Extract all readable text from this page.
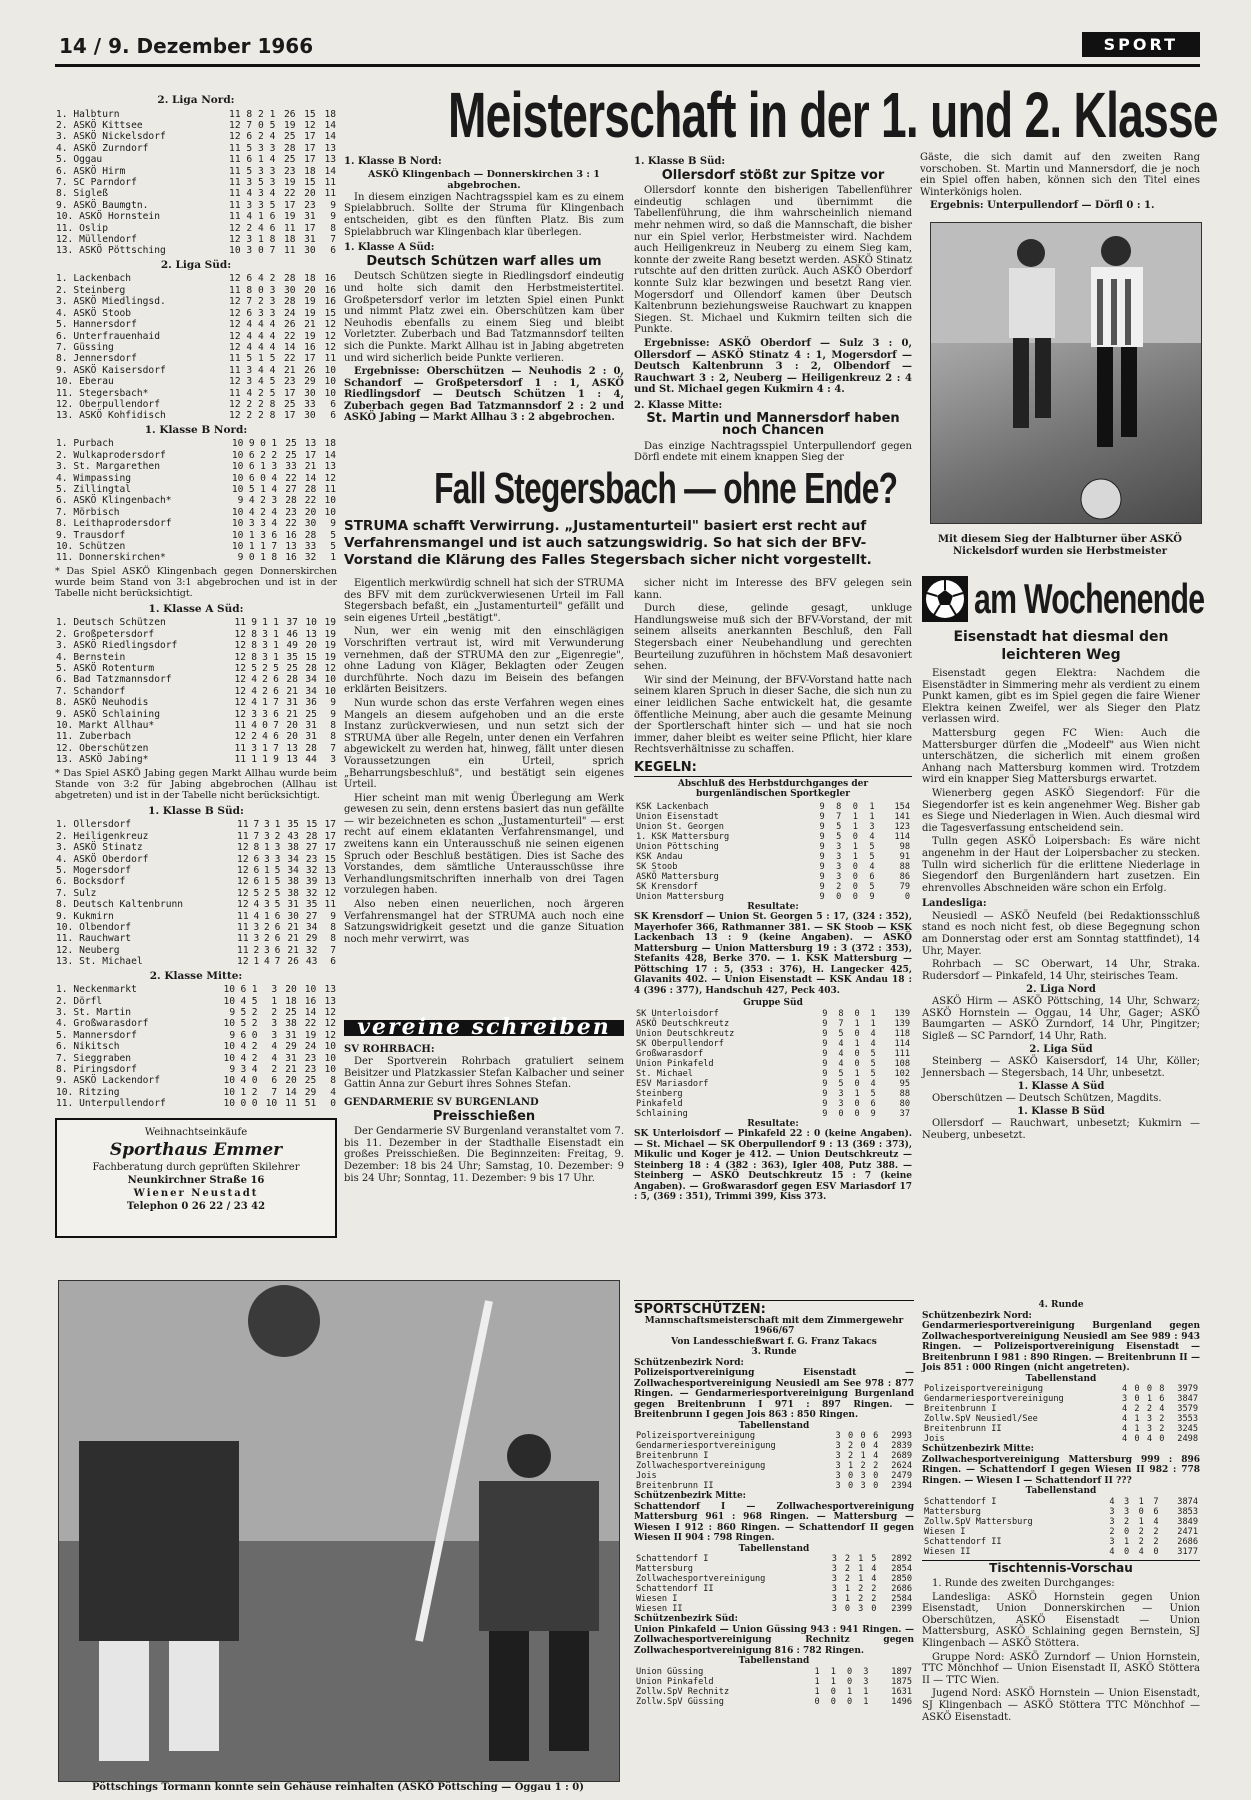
14 / 9. Dezember 1966	SPORT
2. Liga Nord:
1. Halbturn	11	8	2	1	26	15	18
2. ASKÖ Kittsee	12	7	0	5	19	12	14
3. ASKÖ Nickelsdorf	12	6	2	4	25	17	14
4. ASKÖ Zurndorf	11	5	3	3	28	17	13
5. Oggau	11	6	1	4	25	17	13
6. ASKÖ Hirm	11	5	3	3	23	18	14
7. SC Parndorf	11	3	5	3	19	15	11
8. Sigleß	11	4	3	4	22	20	11
9. ASKÖ Baumgtn.	11	3	3	5	17	23	9
10. ASKÖ Hornstein	11	4	1	6	19	31	9
11. Oslip	12	2	4	6	11	17	8
12. Müllendorf	12	3	1	8	18	31	7
13. ASKÖ Pöttsching	10	3	0	7	11	30	6
2. Liga Süd:
1. Lackenbach	12	6	4	2	28	18	16
2. Steinberg	11	8	0	3	30	20	16
3. ASKÖ Miedlingsd.	12	7	2	3	28	19	16
4. ASKÖ Stoob	12	6	3	3	24	19	15
5. Hannersdorf	12	4	4	4	26	21	12
6. Unterfrauenhaid	12	4	4	4	22	19	12
7. Güssing	12	4	4	4	14	16	12
8. Jennersdorf	11	5	1	5	22	17	11
9. ASKÖ Kaisersdorf	11	3	4	4	21	26	10
10. Eberau	12	3	4	5	23	29	10
11. Stegersbach*	11	4	2	5	17	30	10
12. Oberpullendorf	12	2	2	8	25	33	6
13. ASKÖ Kohfidisch	12	2	2	8	17	30	6
1. Klasse B Nord:
1. Purbach	10	9	0	1	25	13	18
2. Wulkaprodersdorf	10	6	2	2	25	17	14
3. St. Margarethen	10	6	1	3	33	21	13
4. Wimpassing	10	6	0	4	22	14	12
5. Zillingtal	10	5	1	4	27	28	11
6. ASKÖ Klingenbach*	9	4	2	3	28	22	10
7. Mörbisch	10	4	2	4	23	20	10
8. Leithaprodersdorf	10	3	3	4	22	30	9
9. Trausdorf	10	1	3	6	16	28	5
10. Schützen	10	1	1	7	13	33	5
11. Donnerskirchen*	9	0	1	8	16	32	1
* Das Spiel ASKÖ Klingenbach gegen Donnerskirchen wurde beim Stand von 3:1 abgebrochen und ist in der Tabelle nicht berücksichtigt.
1. Klasse A Süd:
1. Deutsch Schützen	11	9	1	1	37	10	19
2. Großpetersdorf	12	8	3	1	46	13	19
3. ASKÖ Riedlingsdorf	12	8	3	1	49	20	19
4. Bernstein	12	8	3	1	35	15	19
5. ASKÖ Rotenturm	12	5	2	5	25	28	12
6. Bad Tatzmannsdorf	12	4	2	6	28	34	10
7. Schandorf	12	4	2	6	21	34	10
8. ASKÖ Neuhodis	12	4	1	7	31	36	9
9. ASKÖ Schlaining	12	3	3	6	21	25	9
10. Markt Allhau*	11	4	0	7	20	31	8
11. Zuberbach	12	2	4	6	20	31	8
12. Oberschützen	11	3	1	7	13	28	7
13. ASKÖ Jabing*	11	1	1	9	13	44	3
* Das Spiel ASKÖ Jabing gegen Markt Allhau wurde beim Stande von 3:2 für Jabing abgebrochen (Allhau ist abgetreten) und ist in der Tabelle nicht berücksichtigt.
1. Klasse B Süd:
1. Ollersdorf	11	7	3	1	35	15	17
2. Heiligenkreuz	11	7	3	2	43	28	17
3. ASKÖ Stinatz	12	8	1	3	38	27	17
4. ASKÖ Oberdorf	12	6	3	3	34	23	15
5. Mogersdorf	12	6	1	5	34	32	13
6. Bocksdorf	12	6	1	5	38	39	13
7. Sulz	12	5	2	5	38	32	12
8. Deutsch Kaltenbrunn	12	4	3	5	31	35	11
9. Kukmirn	11	4	1	6	30	27	9
10. Olbendorf	11	3	2	6	21	34	8
11. Rauchwart	11	3	2	6	21	29	8
12. Neuberg	11	2	3	6	21	32	7
13. St. Michael	12	1	4	7	26	43	6
2. Klasse Mitte:
1. Neckenmarkt	10	6	1	3	20	10	13
2. Dörfl	10	4	5	1	18	16	13
3. St. Martin	9	5	2	2	25	14	12
4. Großwarasdorf	10	5	2	3	38	22	12
5. Mannersdorf	9	6	0	3	31	19	12
6. Nikitsch	10	4	2	4	29	24	10
7. Sieggraben	10	4	2	4	31	23	10
8. Piringsdorf	9	3	4	2	21	23	10
9. ASKÖ Lackendorf	10	4	0	6	20	25	8
10. Ritzing	10	1	2	7	14	29	4
11. Unterpullendorf	10	0	0	10	11	51	0
Weihnachtseinkäufe
Sporthaus Emmer
Fachberatung durch geprüften Skilehrer
Neunkirchner Straße 16
Wiener Neustadt
Telephon 0 26 22 / 23 42
Meisterschaft in der 1. und 2. Klasse
1. Klasse B Nord:
ASKÖ Klingenbach — Donnerskirchen 3 : 1 abgebrochen.

In diesem einzigen Nachtragsspiel kam es zu einem Spielabbruch. Sollte der Struma für Klingenbach entscheiden, gibt es den fünften Platz. Bis zum Spielabbruch war Klingenbach klar überlegen.

1. Klasse A Süd:
Deutsch Schützen warf alles um

Deutsch Schützen siegte in Riedlingsdorf eindeutig und holte sich damit den Herbstmeistertitel. Großpetersdorf verlor im letzten Spiel einen Punkt und nimmt Platz zwei ein. Oberschützen kam über Neuhodis ebenfalls zu einem Sieg und bleibt Vorletzter. Zuberbach und Bad Tatzmannsdorf teilten sich die Punkte. Markt Allhau ist in Jabing abgetreten und wird sicherlich beide Punkte verlieren.

Ergebnisse: Oberschützen — Neuhodis 2 : 0, Schandorf — Großpetersdorf 1 : 1, ASKÖ Riedlingsdorf — Deutsch Schützen 1 : 4, Zuberbach gegen Bad Tatzmannsdorf 2 : 2 und ASKÖ Jabing — Markt Allhau 3 : 2 abgebrochen.

1. Klasse B Süd:
Ollersdorf stößt zur Spitze vor

Ollersdorf konnte den bisherigen Tabellenführer eindeutig schlagen und übernimmt die Tabellenführung, die ihm wahrscheinlich niemand mehr nehmen wird, so daß die Mannschaft, die bisher nur ein Spiel verlor, Herbstmeister wird. Nachdem auch Heiligenkreuz in Neuberg zu einem Sieg kam, konnte der zweite Rang besetzt werden. ASKÖ Stinatz rutschte auf den dritten zurück. Auch ASKÖ Oberdorf konnte Sulz klar bezwingen und besetzt Rang vier. Mogersdorf und Ollendorf kamen über Deutsch Kaltenbrunn beziehungsweise Rauchwart zu knappen Siegen. St. Michael und Kukmirn teilten sich die Punkte.

Ergebnisse: ASKÖ Oberdorf — Sulz 3 : 0, Ollersdorf — ASKÖ Stinatz 4 : 1, Mogersdorf — Deutsch Kaltenbrunn 3 : 2, Olbendorf — Rauchwart 3 : 2, Neuberg — Heiligenkreuz 2 : 4 und St. Michael gegen Kukmirn 4 : 4.

2. Klasse Mitte:
St. Martin und Mannersdorf haben noch Chancen

Das einzige Nachtragsspiel Unterpullendorf gegen Dörfl endete mit einem knappen Sieg der

Gäste, die sich damit auf den zweiten Rang vorschoben. St. Martin und Mannersdorf, die je noch ein Spiel offen haben, können sich den Titel eines Winterkönigs holen.

Ergebnis: Unterpullendorf — Dörfl 0 : 1.

Mit diesem Sieg der Halbturner über ASKÖ Nickelsdorf wurden sie Herbstmeister
Fall Stegersbach — ohne Ende?
STRUMA schafft Verwirrung. „Justamenturteil" basiert erst recht auf Verfahrensmangel und ist auch satzungswidrig. So hat sich der BFV-Vorstand die Klärung des Falles Stegersbach sicher nicht vorgestellt.

Eigentlich merkwürdig schnell hat sich der STRUMA des BFV mit dem zurückverwiesenen Urteil im Fall Stegersbach befaßt, ein „Justamenturteil" gefällt und sein eigenes Urteil „bestätigt".

Nun, wer ein wenig mit den einschlägigen Vorschriften vertraut ist, wird mit Verwunderung vernehmen, daß der STRUMA den zur „Eigenregie", ohne Ladung von Kläger, Beklagten oder Zeugen durchführte. Noch dazu im Beisein des befangen erklärten Beisitzers.

Nun wurde schon das erste Verfahren wegen eines Mangels an diesem aufgehoben und an die erste Instanz zurückverwiesen, und nun setzt sich der STRUMA über alle Regeln, unter denen ein Verfahren abgewickelt zu werden hat, hinweg, fällt unter diesen Voraussetzungen ein Urteil, sprich „Beharrungsbeschluß", und bestätigt sein eigenes Urteil.

Hier scheint man mit wenig Überlegung am Werk gewesen zu sein, denn erstens basiert das nun gefällte — wir bezeichneten es schon „Justamenturteil" — erst recht auf einem eklatanten Verfahrensmangel, und zweitens kann ein Unterausschuß nie seinen eigenen Spruch oder Beschluß bestätigen. Dies ist Sache des Vorstandes, dem sämtliche Unterausschüsse ihre Verhandlungsmitschriften innerhalb von drei Tagen vorzulegen haben.

Also neben einen neuerlichen, noch ärgeren Verfahrensmangel hat der STRUMA auch noch eine Satzungswidrigkeit gesetzt und die ganze Situation noch mehr verwirrt, was

sicher nicht im Interesse des BFV gelegen sein kann.

Durch diese, gelinde gesagt, unkluge Handlungsweise muß sich der BFV-Vorstand, der mit seinem allseits anerkannten Beschluß, den Fall Stegersbach einer Neubehandlung und gerechten Beurteilung zuzuführen in höchstem Maß desavoniert sehen.

Wir sind der Meinung, der BFV-Vorstand hatte nach seinem klaren Spruch in dieser Sache, die sich nun zu einer leidlichen Sache entwickelt hat, die gesamte öffentliche Meinung, aber auch die gesamte Meinung der Sportlerschaft hinter sich — und hat sie noch immer, daher bleibt es weiter seine Pflicht, hier klare Rechtsverhältnisse zu schaffen.

KEGELN:
Abschluß des Herbstdurchganges der burgenländischen Sportkegler
KSK Lackenbach	9	8	0	1	154
Union Eisenstadt	9	7	1	1	141
Union St. Georgen	9	5	1	3	123
1. KSK Mattersburg	9	5	0	4	114
Union Pöttsching	9	3	1	5	98
KSK Andau	9	3	1	5	91
SK Stoob	9	3	0	4	88
ASKÖ Mattersburg	9	3	0	6	86
SK Krensdorf	9	2	0	5	79
Union Mattersburg	9	0	0	9	0
Resultate:
SK Krensdorf — Union St. Georgen 5 : 17, (324 : 352), Mayerhofer 366, Rathmanner 381. — SK Stoob — KSK Lackenbach 13 : 9 (keine Angaben). — ASKÖ Mattersburg — Union Mattersburg 19 : 3 (372 : 353), Stefanits 428, Berke 370. — 1. KSK Mattersburg — Pöttsching 17 : 5, (353 : 376), H. Langecker 425, Glavanits 402. — Union Eisenstadt — KSK Andau 18 : 4 (396 : 377), Handschuh 427, Peck 403.
Gruppe Süd
SK Unterloisdorf	9	8	0	1	139
ASKÖ Deutschkreutz	9	7	1	1	139
Union Deutschkreutz	9	5	0	4	118
SK Oberpullendorf	9	4	1	4	114
Großwarasdorf	9	4	0	5	111
Union Pinkafeld	9	4	0	5	108
St. Michael	9	5	1	5	102
ESV Mariasdorf	9	5	0	4	95
Steinberg	9	3	1	5	88
Pinkafeld	9	3	0	6	80
Schlaining	9	0	0	9	37
Resultate:
SK Unterloisdorf — Pinkafeld 22 : 0 (keine Angaben). — St. Michael — SK Oberpullendorf 9 : 13 (369 : 373), Mikulic und Koger je 412. — Union Deutschkreutz — Steinberg 18 : 4 (382 : 363), Igler 408, Putz 388. — Steinberg — ASKÖ Deutschkreutz 15 : 7 (keine Angaben). — Großwarasdorf gegen ESV Mariasdorf 17 : 5, (369 : 351), Trimmi 399, Kiss 373.
vereine schreiben
SV ROHRBACH:

Der Sportverein Rohrbach gratuliert seinem Beisitzer und Platzkassier Stefan Kalbacher und seiner Gattin Anna zur Geburt ihres Sohnes Stefan.

GENDARMERIE SV BURGENLAND
Preisschießen

Der Gendarmerie SV Burgenland veranstaltet vom 7. bis 11. Dezember in der Stadthalle Eisenstadt ein großes Preisschießen. Die Beginnzeiten: Freitag, 9. Dezember: 18 bis 24 Uhr; Samstag, 10. Dezember: 9 bis 24 Uhr; Sonntag, 11. Dezember: 9 bis 17 Uhr.

am Wochenende
Eisenstadt hat diesmal den leichteren Weg

Eisenstadt gegen Elektra: Nachdem die Eisenstädter in Simmering mehr als verdient zu einem Punkt kamen, gibt es im Spiel gegen die faire Wiener Elektra keinen Zweifel, wer als Sieger den Platz verlassen wird.

Mattersburg gegen FC Wien: Auch die Mattersburger dürfen die „Modeelf" aus Wien nicht unterschätzen, die sicherlich mit einem großen Anhang nach Mattersburg kommen wird. Trotzdem wird ein knapper Sieg Mattersburgs erwartet.

Wienerberg gegen ASKÖ Siegendorf: Für die Siegendorfer ist es kein angenehmer Weg. Bisher gab es Siege und Niederlagen in Wien. Auch diesmal wird die Tagesverfassung entscheidend sein.

Tulln gegen ASKÖ Loipersbach: Es wäre nicht angenehm in der Haut der Loipersbacher zu stecken. Tulln wird sicherlich für die erlittene Niederlage in Siegendorf den Burgenländern hart zusetzen. Ein ehrenvolles Abschneiden wäre schon ein Erfolg.

Landesliga:

Neusiedl — ASKÖ Neufeld (bei Redaktionsschluß stand es noch nicht fest, ob diese Begegnung schon am Donnerstag oder erst am Sonntag stattfindet), 14 Uhr, Mayer.

Rohrbach — SC Oberwart, 14 Uhr, Straka. Rudersdorf — Pinkafeld, 14 Uhr, steirisches Team.

2. Liga Nord

ASKÖ Hirm — ASKÖ Pöttsching, 14 Uhr, Schwarz; ASKÖ Hornstein — Oggau, 14 Uhr, Gager; ASKÖ Baumgarten — ASKÖ Zurndorf, 14 Uhr, Pingitzer; Sigleß — SC Parndorf, 14 Uhr, Rath.

2. Liga Süd

Steinberg — ASKÖ Kaisersdorf, 14 Uhr, Köller; Jennersbach — Stegersbach, 14 Uhr, unbesetzt.

1. Klasse A Süd

Oberschützen — Deutsch Schützen, Magdits.

1. Klasse B Süd

Ollersdorf — Rauchwart, unbesetzt; Kukmirn — Neuberg, unbesetzt.

Pöttschings Tormann konnte sein Gehäuse reinhalten (ASKÖ Pöttsching — Oggau 1 : 0)
SPORTSCHÜTZEN:
Mannschaftsmeisterschaft mit dem Zimmergewehr 1966/67
Von Landesschießwart f. G. Franz Takacs
3. Runde
Schützenbezirk Nord:
Polizeisportvereinigung Eisenstadt — Zollwachesportvereinigung Neusiedl am See 978 : 877 Ringen. — Gendarmeriesportvereinigung Burgenland gegen Breitenbrunn I 971 : 897 Ringen. — Breitenbrunn I gegen Jois 863 : 850 Ringen.
Tabellenstand
Polizeisportvereinigung	3	0	0	6	2993
Gendarmeriesportvereinigung	3	2	0	4	2839
Breitenbrunn I	3	2	1	4	2689
Zollwachesportvereinigung	3	1	2	2	2624
Jois	3	0	3	0	2479
Breitenbrunn II	3	0	3	0	2394
Schützenbezirk Mitte:
Schattendorf I — Zollwachesportvereinigung Mattersburg 961 : 968 Ringen. — Mattersburg — Wiesen I 912 : 860 Ringen. — Schattendorf II gegen Wiesen II 904 : 798 Ringen.
Tabellenstand
Schattendorf I	3	2	1	5	2892
Mattersburg	3	2	1	4	2854
Zollwachesportvereinigung	3	2	1	4	2850
Schattendorf II	3	1	2	2	2686
Wiesen I	3	1	2	2	2584
Wiesen II	3	0	3	0	2399
Schützenbezirk Süd:
Union Pinkafeld — Union Güssing 943 : 941 Ringen. — Zollwachesportvereinigung Rechnitz gegen Zollwachesportvereinigung 816 : 782 Ringen.
Tabellenstand
Union Güssing	1	1	0	3	1897
Union Pinkafeld	1	1	0	3	1875
Zollw.SpV Rechnitz	1	0	1	1	1631
Zollw.SpV Güssing	0	0	0	1	1496
4. Runde
Schützenbezirk Nord:
Gendarmeriesportvereinigung Burgenland gegen Zollwachesportvereinigung Neusiedl am See 989 : 943 Ringen. — Polizeisportvereinigung Eisenstadt — Breitenbrunn I 981 : 890 Ringen. — Breitenbrunn II — Jois 851 : 000 Ringen (nicht angetreten).
Tabellenstand
Polizeisportvereinigung	4	0	0	8	3979
Gendarmeriesportvereinigung	3	0	1	6	3847
Breitenbrunn I	4	2	2	4	3579
Zollw.SpV Neusiedl/See	4	1	3	2	3553
Breitenbrunn II	4	1	3	2	3245
Jois	4	0	4	0	2498
Schützenbezirk Mitte:
Zollwachesportvereinigung Mattersburg 999 : 896 Ringen. — Schattendorf I gegen Wiesen II 982 : 778 Ringen. — Wiesen I — Schattendorf II ???
Tabellenstand
Schattendorf I	4	3	1	7	3874
Mattersburg	3	3	0	6	3853
Zollw.SpV Mattersburg	3	2	1	4	3849
Wiesen I	2	0	2	2	2471
Schattendorf II	3	1	2	2	2686
Wiesen II	4	0	4	0	3177
Tischtennis-Vorschau

1. Runde des zweiten Durchganges:

Landesliga: ASKÖ Hornstein gegen Union Eisenstadt, Union Donnerskirchen — Union Oberschützen, ASKÖ Eisenstadt — Union Mattersburg, ASKÖ Schlaining gegen Bernstein, SJ Klingenbach — ASKÖ Stöttera.

Gruppe Nord: ASKÖ Zurndorf — Union Hornstein, TTC Mönchhof — Union Eisenstadt II, ASKÖ Stöttera II — TTC Wien.

Jugend Nord: ASKÖ Hornstein — Union Eisenstadt, SJ Klingenbach — ASKÖ Stöttera TTC Mönchhof — ASKÖ Eisenstadt.
